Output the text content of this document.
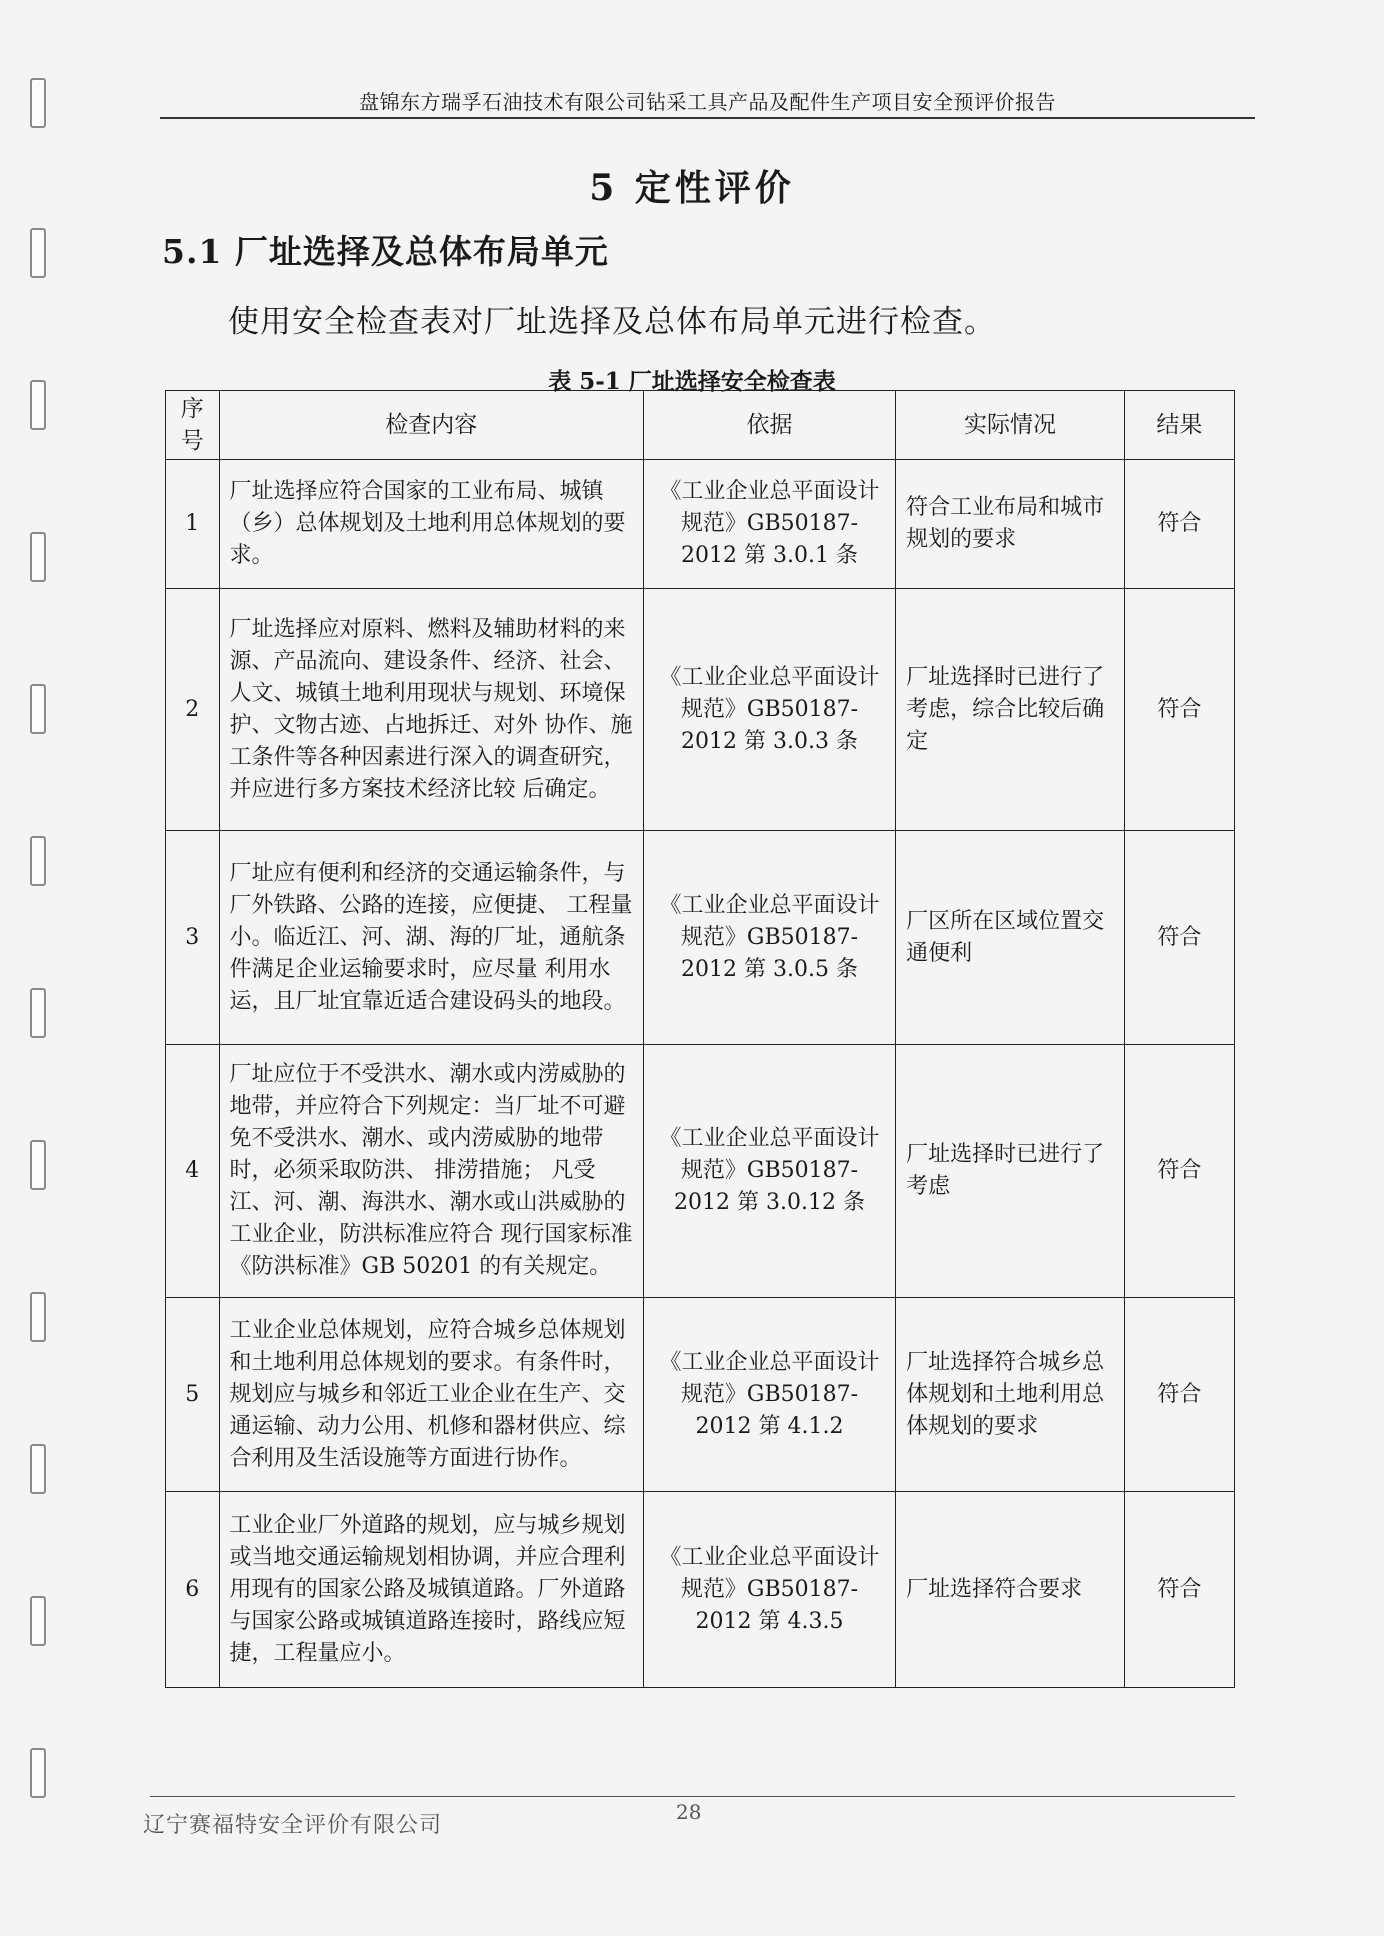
盘锦东方瑞孚石油技术有限公司钻采工具产品及配件生产项目安全预评价报告
5 定性评价
5.1 厂址选择及总体布局单元
使用安全检查表对厂址选择及总体布局单元进行检查。
表 5-1 厂址选择安全检查表
序号	检查内容	依据	实际情况	结果
1	厂址选择应符合国家的工业布局、城镇（乡）总体规划及土地利用总体规划的要求。	《工业企业总平面设计规范》GB50187-2012 第 3.0.1 条	符合工业布局和城市规划的要求	符合
2	厂址选择应对原料、燃料及辅助材料的来源、产品流向、建设条件、经济、社会、人文、城镇土地利用现状与规划、环境保护、文物古迹、占地拆迁、对外 协作、施工条件等各种因素进行深入的调查研究，并应进行多方案技术经济比较 后确定。	《工业企业总平面设计规范》GB50187-2012 第 3.0.3 条	厂址选择时已进行了考虑，综合比较后确定	符合
3	厂址应有便利和经济的交通运输条件，与厂外铁路、公路的连接，应便捷、 工程量小。临近江、河、湖、海的厂址，通航条件满足企业运输要求时，应尽量 利用水运，且厂址宜靠近适合建设码头的地段。	《工业企业总平面设计规范》GB50187-2012 第 3.0.5 条	厂区所在区域位置交通便利	符合
4	厂址应位于不受洪水、潮水或内涝威胁的地带，并应符合下列规定：当厂址不可避免不受洪水、潮水、或内涝威胁的地带时，必须采取防洪、 排涝措施； 凡受江、河、潮、海洪水、潮水或山洪威胁的工业企业，防洪标准应符合 现行国家标准《防洪标准》GB 50201 的有关规定。	《工业企业总平面设计规范》GB50187-2012 第 3.0.12 条	厂址选择时已进行了考虑	符合
5	工业企业总体规划，应符合城乡总体规划和土地利用总体规划的要求。有条件时，规划应与城乡和邻近工业企业在生产、交通运输、动力公用、机修和器材供应、综合利用及生活设施等方面进行协作。	《工业企业总平面设计规范》GB50187-2012 第 4.1.2	厂址选择符合城乡总体规划和土地利用总体规划的要求	符合
6	工业企业厂外道路的规划，应与城乡规划或当地交通运输规划相协调，并应合理利用现有的国家公路及城镇道路。厂外道路与国家公路或城镇道路连接时，路线应短捷，工程量应小。	《工业企业总平面设计规范》GB50187-2012 第 4.3.5	厂址选择符合要求	符合
辽宁赛福特安全评价有限公司
28
